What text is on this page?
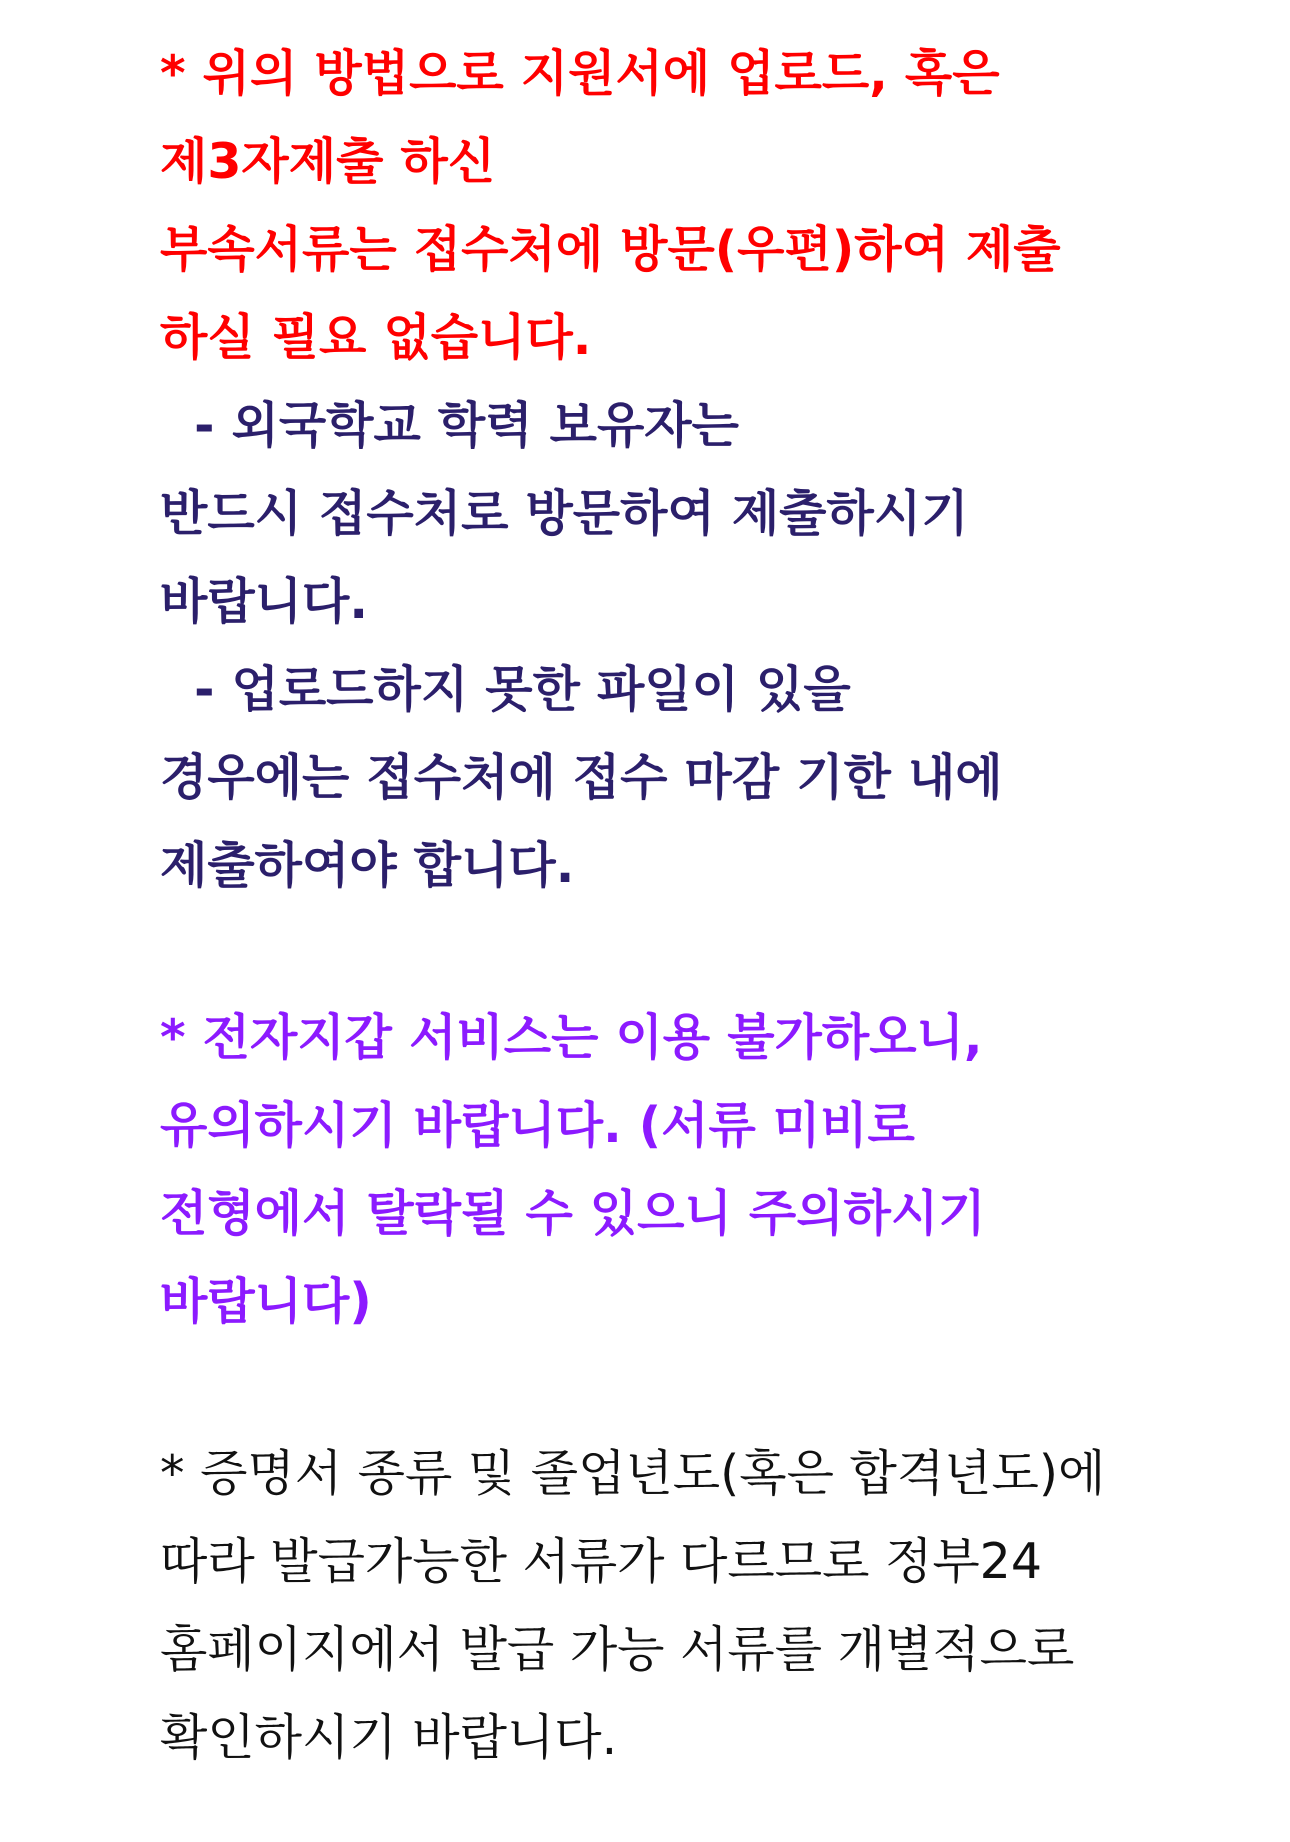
* 위의 방법으로 지원서에 업로드, 혹은
제3자제출 하신
부속서류는 접수처에 방문(우편)하여 제출
하실 필요 없습니다.
- 외국학교 학력 보유자는
반드시 접수처로 방문하여 제출하시기
바랍니다.
- 업로드하지 못한 파일이 있을
경우에는 접수처에 접수 마감 기한 내에
제출하여야 합니다.
* 전자지갑 서비스는 이용 불가하오니,
유의하시기 바랍니다. (서류 미비로
전형에서 탈락될 수 있으니 주의하시기
바랍니다)
* 증명서 종류 및 졸업년도(혹은 합격년도)에
따라 발급가능한 서류가 다르므로 정부24
홈페이지에서 발급 가능 서류를 개별적으로
확인하시기 바랍니다.
